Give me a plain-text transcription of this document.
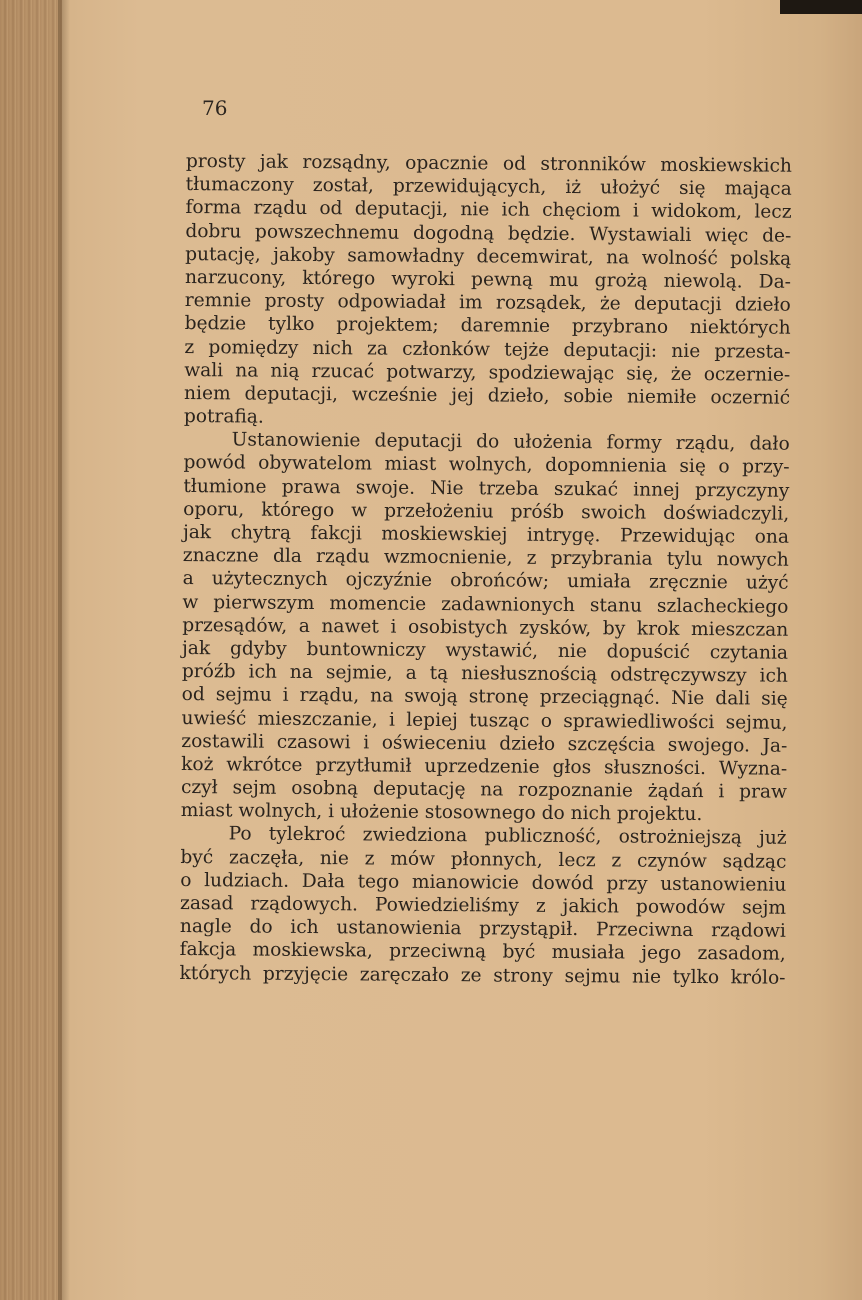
76
prosty jak rozsądny, opacznie od stronników moskiewskich
tłumaczony został, przewidujących, iż ułożyć się mająca
forma rządu od deputacji, nie ich chęciom i widokom, lecz
dobru powszechnemu dogodną będzie. Wystawiali więc de-
putację, jakoby samowładny decemwirat, na wolność polską
narzucony, którego wyroki pewną mu grożą niewolą. Da-
remnie prosty odpowiadał im rozsądek, że deputacji dzieło
będzie tylko projektem; daremnie przybrano niektórych
z pomiędzy nich za członków tejże deputacji: nie przesta-
wali na nią rzucać potwarzy, spodziewając się, że oczernie-
niem deputacji, wcześnie jej dzieło, sobie niemiłe oczernić
potrafią.
Ustanowienie deputacji do ułożenia formy rządu, dało
powód obywatelom miast wolnych, dopomnienia się o przy-
tłumione prawa swoje. Nie trzeba szukać innej przyczyny
oporu, którego w przełożeniu próśb swoich doświadczyli,
jak chytrą fakcji moskiewskiej intrygę. Przewidując ona
znaczne dla rządu wzmocnienie, z przybrania tylu nowych
a użytecznych ojczyźnie obrońców; umiała zręcznie użyć
w pierwszym momencie zadawnionych stanu szlacheckiego
przesądów, a nawet i osobistych zysków, by krok mieszczan
jak gdyby buntowniczy wystawić, nie dopuścić czytania
próźb ich na sejmie, a tą niesłusznością odstręczywszy ich
od sejmu i rządu, na swoją stronę przeciągnąć. Nie dali się
uwieść mieszczanie, i lepiej tusząc o sprawiedliwości sejmu,
zostawili czasowi i oświeceniu dzieło szczęścia swojego. Ja-
koż wkrótce przytłumił uprzedzenie głos słuszności. Wyzna-
czył sejm osobną deputację na rozpoznanie żądań i praw
miast wolnych, i ułożenie stosownego do nich projektu.
Po tylekroć zwiedziona publiczność, ostrożniejszą już
być zaczęła, nie z mów płonnych, lecz z czynów sądząc
o ludziach. Dała tego mianowicie dowód przy ustanowieniu
zasad rządowych. Powiedzieliśmy z jakich powodów sejm
nagle do ich ustanowienia przystąpił. Przeciwna rządowi
fakcja moskiewska, przeciwną być musiała jego zasadom,
których przyjęcie zaręczało ze strony sejmu nie tylko królo-
